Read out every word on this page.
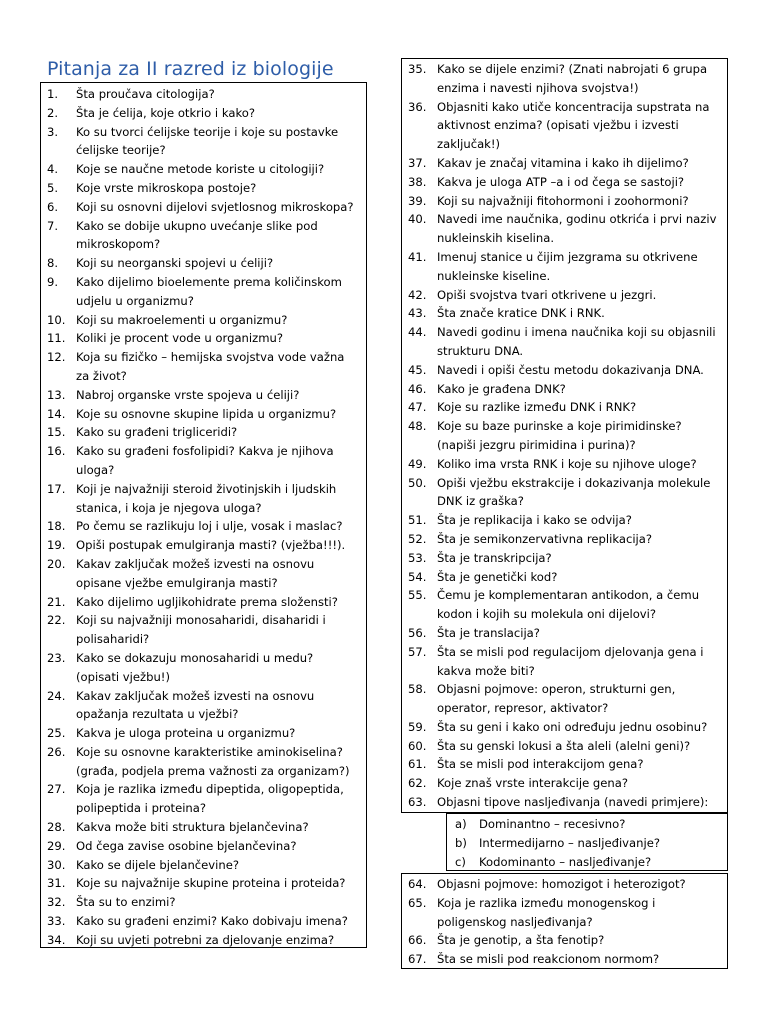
Pitanja za II razred iz biologije
1.	Šta proučava citologija?
2.	Šta je ćelija, koje otkrio i kako?
3.	Ko su tvorci ćelijske teorije i koje su postavke ćelijske teorije?
4.	Koje se naučne metode koriste u citologiji?
5.	Koje vrste mikroskopa postoje?
6.	Koji su osnovni dijelovi svjetlosnog mikroskopa?
7.	Kako se dobije ukupno uvećanje slike pod mikroskopom?
8.	Koji su neorganski spojevi u ćeliji?
9.	Kako dijelimo bioelemente prema količinskom udjelu u organizmu?
10. Koji su makroelementi u organizmu?
11. Koliki je procent vode u organizmu?
12. Koja su fizičko – hemijska svojstva vode važna za život?
13. Nabroj organske vrste spojeva u ćeliji?
14. Koje su osnovne skupine lipida u organizmu?
15. Kako su građeni trigliceridi?
16. Kako su građeni fosfolipidi? Kakva je njihova uloga?
17. Koji je najvažniji steroid životinjskih i ljudskih stanica, i koja je njegova uloga?
18. Po čemu se razlikuju loj i ulje, vosak i maslac?
19. Opiši postupak emulgiranja masti? (vježba!!!).
20. Kakav zaključak možeš izvesti na osnovu opisane vježbe emulgiranja masti?
21. Kako dijelimo ugljikohidrate prema složensti?
22. Koji su najvažniji monosaharidi, disaharidi i polisaharidi?
23. Kako se dokazuju monosaharidi u medu? (opisati vježbu!)
24. Kakav zaključak možeš izvesti na osnovu opažanja rezultata u vježbi?
25. Kakva je uloga proteina u organizmu?
26. Koje su osnovne karakteristike aminokiselina? (građa, podjela prema važnosti za organizam?)
27. Koja je razlika između dipeptida, oligopeptida, polipeptida i proteina?
28. Kakva može biti struktura bjelančevina?
29. Od čega zavise osobine bjelančevina?
30. Kako se dijele bjelančevine?
31. Koje su najvažnije skupine proteina i proteida?
32. Šta su to enzimi?
33. Kako su građeni enzimi? Kako dobivaju imena?
34. Koji su uvjeti potrebni za djelovanje enzima?
35. Kako se dijele enzimi? (Znati nabrojati 6 grupa enzima i navesti njihova svojstva!)
36. Objasniti kako utiče koncentracija supstrata na aktivnost enzima? (opisati vježbu i izvesti zaključak!)
37. Kakav je značaj vitamina i kako ih dijelimo?
38. Kakva je uloga ATP –a i od čega se sastoji?
39. Koji su najvažniji fitohormoni i zoohormoni?
40. Navedi ime naučnika, godinu otkrića i prvi naziv nukleinskih kiselina.
41. Imenuj stanice u čijim jezgrama su otkrivene nukleinske kiseline.
42. Opiši svojstva tvari otkrivene u jezgri.
43. Šta znače kratice DNK i RNK.
44. Navedi godinu i imena naučnika koji su objasnili strukturu DNA.
45. Navedi i opiši čestu metodu dokazivanja DNA.
46. Kako je građena DNK?
47. Koje su razlike između DNK i RNK?
48. Koje su baze purinske a koje pirimidinske? (napiši jezgru pirimidina i purina)?
49. Koliko ima vrsta RNK i koje su njihove uloge?
50. Opiši vježbu ekstrakcije i dokazivanja molekule DNK iz graška?
51. Šta je replikacija i kako se odvija?
52. Šta je semikonzervativna replikacija?
53. Šta je transkripcija?
54. Šta je genetički kod?
55. Čemu je komplementaran antikodon, a čemu kodon i kojih su molekula oni dijelovi?
56. Šta je translacija?
57. Šta se misli pod regulacijom djelovanja gena i kakva može biti?
58. Objasni pojmove: operon, strukturni gen, operator, represor, aktivator?
59. Šta su geni i kako oni određuju jednu osobinu?
60. Šta su genski lokusi a šta aleli (alelni geni)?
61. Šta se misli pod interakcijom gena?
62. Koje znaš vrste interakcije gena?
63. Objasni tipove nasljeđivanja (navedi primjere):
a)	Dominantno – recesivno?
b)	Intermedijarno – nasljeđivanje?
c)	Kodominanto – nasljeđivanje?
64. Objasni pojmove: homozigot i heterozigot?
65. Koja je razlika između monogenskog i poligenskog nasljeđivanja?
66. Šta je genotip, a šta fenotip?
67. Šta se misli pod reakcionom normom?
